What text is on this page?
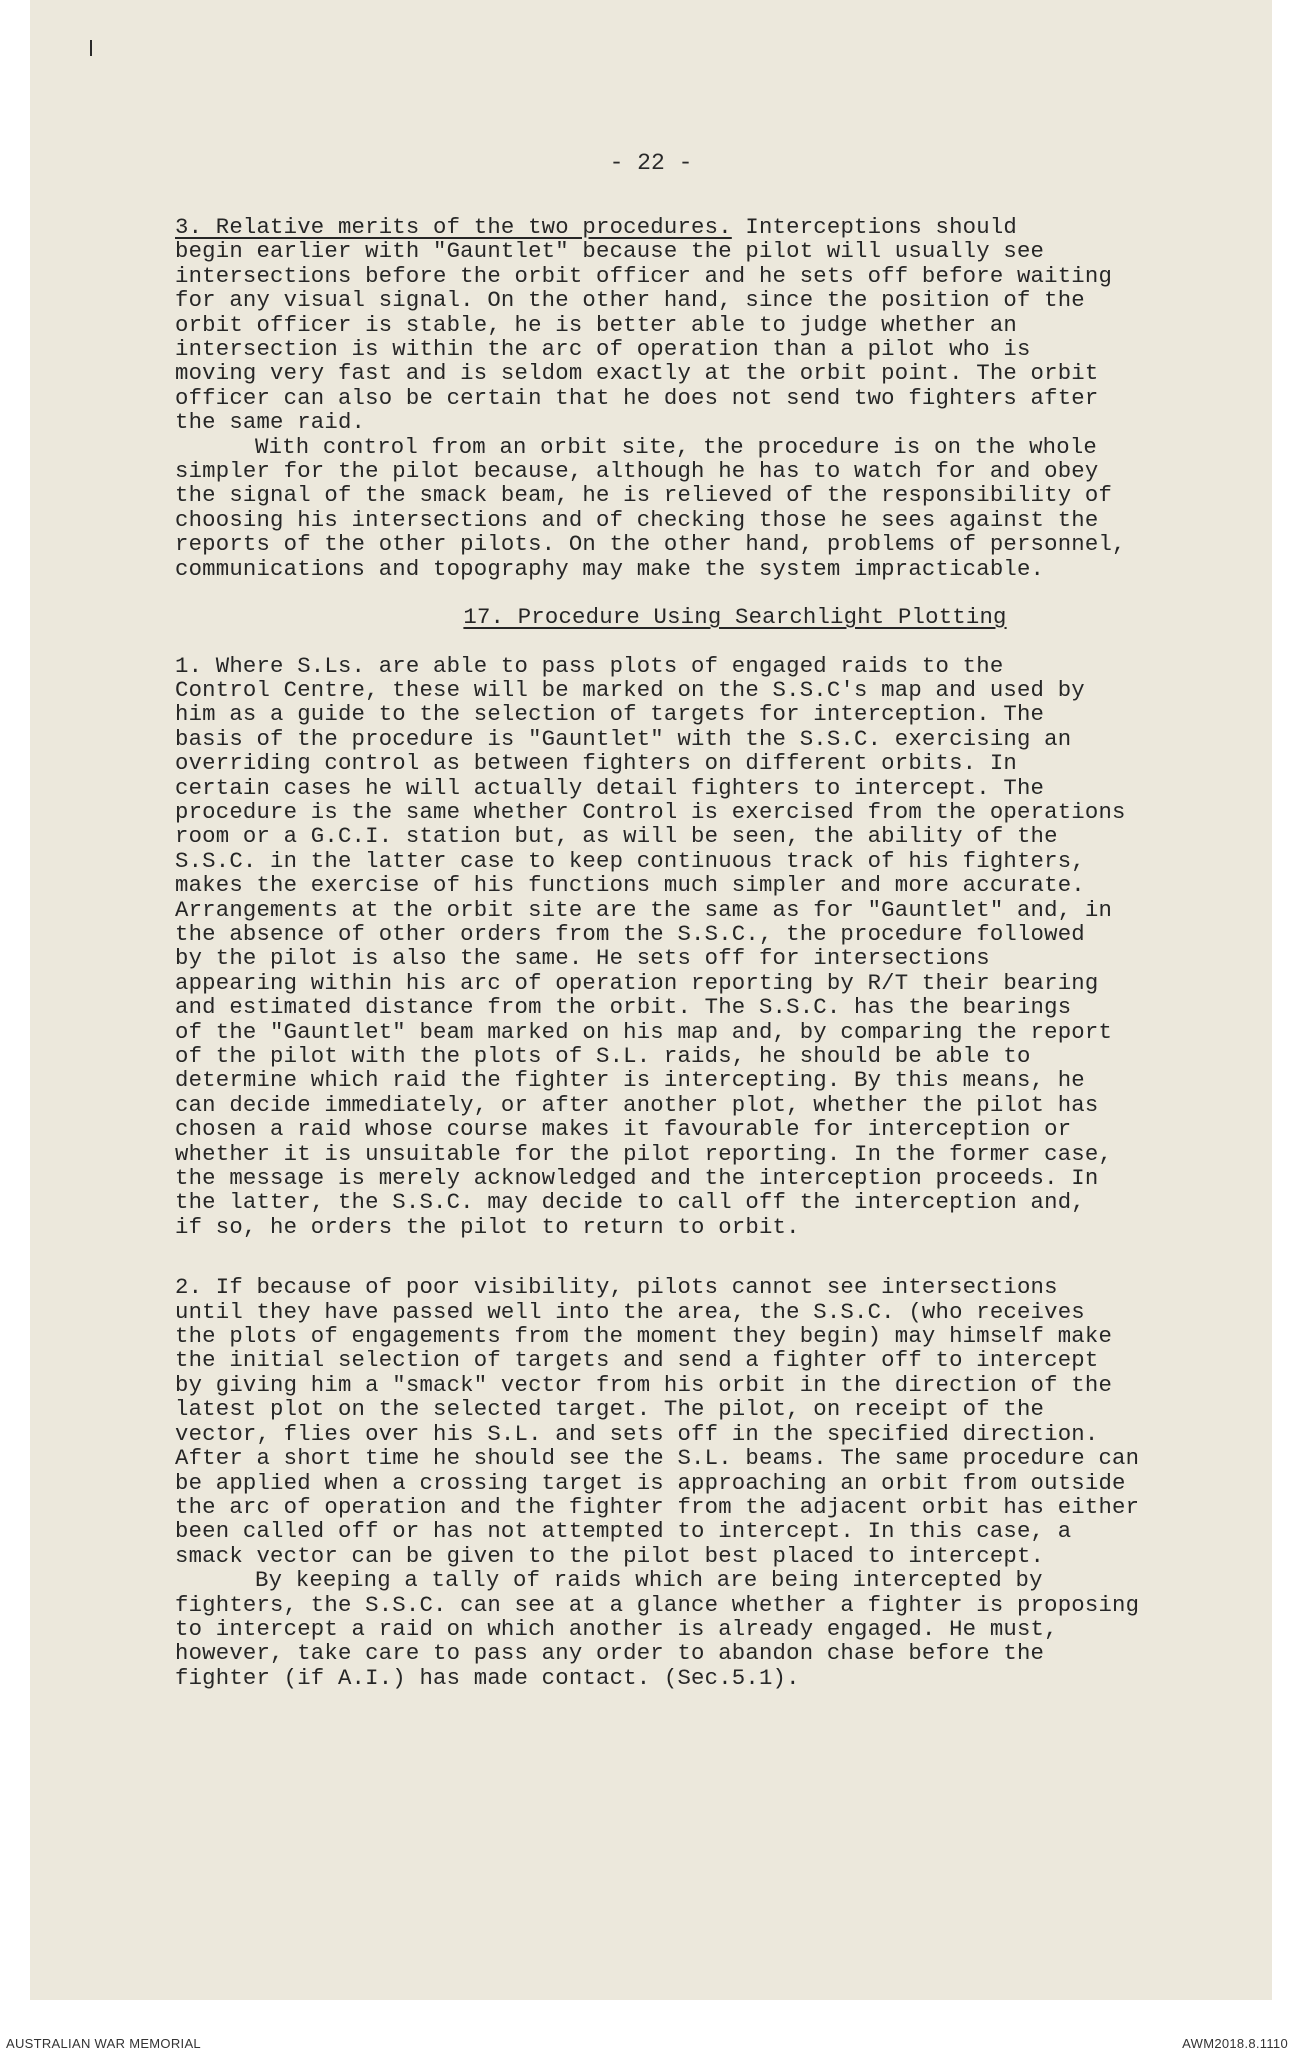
- 22 -
3. Relative merits of the two procedures. Interceptions should
begin earlier with "Gauntlet" because the pilot will usually see
intersections before the orbit officer and he sets off before waiting
for any visual signal. On the other hand, since the position of the
orbit officer is stable, he is better able to judge whether an
intersection is within the arc of operation than a pilot who is
moving very fast and is seldom exactly at the orbit point. The orbit
officer can also be certain that he does not send two fighters after
the same raid.
With control from an orbit site, the procedure is on the whole
simpler for the pilot because, although he has to watch for and obey
the signal of the smack beam, he is relieved of the responsibility of
choosing his intersections and of checking those he sees against the
reports of the other pilots. On the other hand, problems of personnel,
communications and topography may make the system impracticable.
17. Procedure Using Searchlight Plotting
1. Where S.Ls. are able to pass plots of engaged raids to the
Control Centre, these will be marked on the S.S.C's map and used by
him as a guide to the selection of targets for interception. The
basis of the procedure is "Gauntlet" with the S.S.C. exercising an
overriding control as between fighters on different orbits. In
certain cases he will actually detail fighters to intercept. The
procedure is the same whether Control is exercised from the operations
room or a G.C.I. station but, as will be seen, the ability of the
S.S.C. in the latter case to keep continuous track of his fighters,
makes the exercise of his functions much simpler and more accurate.
Arrangements at the orbit site are the same as for "Gauntlet" and, in
the absence of other orders from the S.S.C., the procedure followed
by the pilot is also the same. He sets off for intersections
appearing within his arc of operation reporting by R/T their bearing
and estimated distance from the orbit. The S.S.C. has the bearings
of the "Gauntlet" beam marked on his map and, by comparing the report
of the pilot with the plots of S.L. raids, he should be able to
determine which raid the fighter is intercepting. By this means, he
can decide immediately, or after another plot, whether the pilot has
chosen a raid whose course makes it favourable for interception or
whether it is unsuitable for the pilot reporting. In the former case,
the message is merely acknowledged and the interception proceeds. In
the latter, the S.S.C. may decide to call off the interception and,
if so, he orders the pilot to return to orbit.
2. If because of poor visibility, pilots cannot see intersections
until they have passed well into the area, the S.S.C. (who receives
the plots of engagements from the moment they begin) may himself make
the initial selection of targets and send a fighter off to intercept
by giving him a "smack" vector from his orbit in the direction of the
latest plot on the selected target. The pilot, on receipt of the
vector, flies over his S.L. and sets off in the specified direction.
After a short time he should see the S.L. beams. The same procedure can
be applied when a crossing target is approaching an orbit from outside
the arc of operation and the fighter from the adjacent orbit has either
been called off or has not attempted to intercept. In this case, a
smack vector can be given to the pilot best placed to intercept.
By keeping a tally of raids which are being intercepted by
fighters, the S.S.C. can see at a glance whether a fighter is proposing
to intercept a raid on which another is already engaged. He must,
however, take care to pass any order to abandon chase before the
fighter (if A.I.) has made contact. (Sec.5.1).
AUSTRALIAN WAR MEMORIAL	AWM2018.8.1110
